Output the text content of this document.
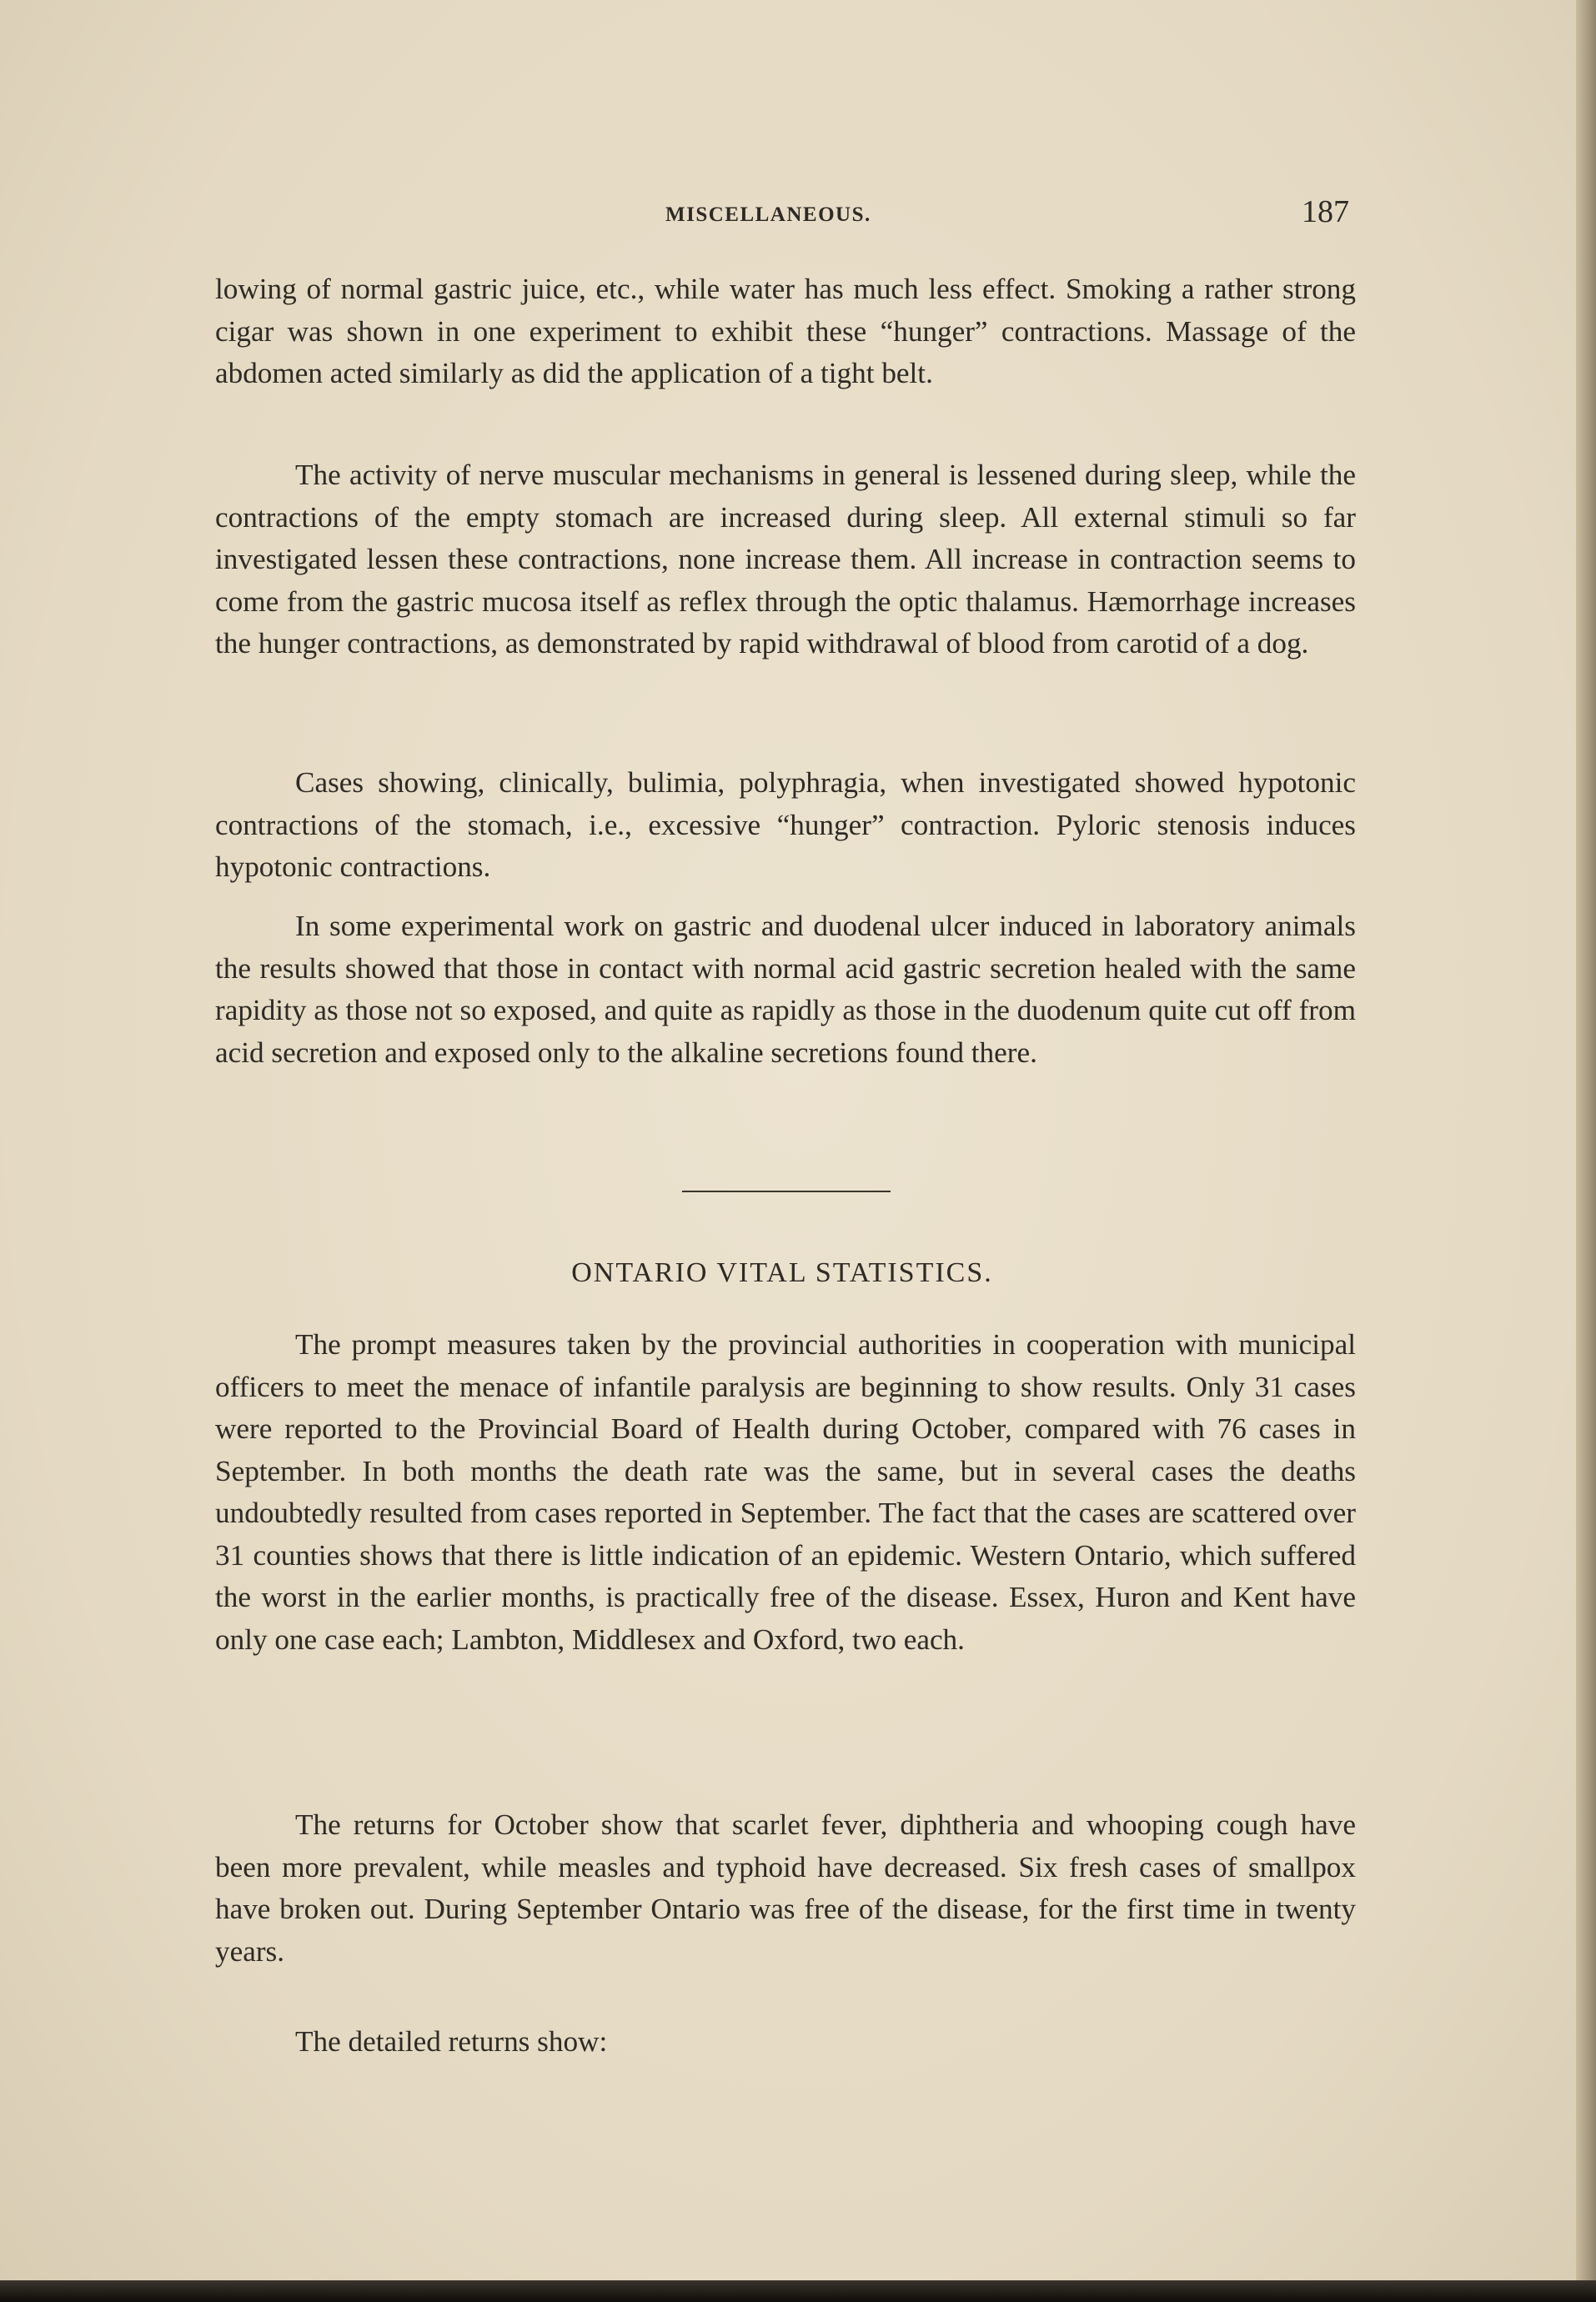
MISCELLANEOUS.	187

lowing of normal gastric juice, etc., while water has much less effect. Smoking a rather strong cigar was shown in one experiment to exhibit these “hunger” contractions. Massage of the abdomen acted similarly as did the application of a tight belt.

The activity of nerve muscular mechanisms in general is lessened during sleep, while the contractions of the empty stomach are increased during sleep. All external stimuli so far investigated lessen these contractions, none increase them. All increase in contraction seems to come from the gastric mucosa itself as reflex through the optic thalamus. Hæmorrhage increases the hunger contractions, as demonstrated by rapid withdrawal of blood from carotid of a dog.

Cases showing, clinically, bulimia, polyphragia, when investigated showed hypotonic contractions of the stomach, i.e., excessive “hunger” contraction. Pyloric stenosis induces hypotonic contractions.

In some experimental work on gastric and duodenal ulcer induced in laboratory animals the results showed that those in contact with normal acid gastric secretion healed with the same rapidity as those not so exposed, and quite as rapidly as those in the duodenum quite cut off from acid secretion and exposed only to the alkaline secretions found there.

ONTARIO VITAL STATISTICS.

The prompt measures taken by the provincial authorities in cooperation with municipal officers to meet the menace of infantile paralysis are beginning to show results. Only 31 cases were reported to the Provincial Board of Health during October, compared with 76 cases in September. In both months the death rate was the same, but in several cases the deaths undoubtedly resulted from cases reported in September. The fact that the cases are scattered over 31 counties shows that there is little indication of an epidemic. Western Ontario, which suffered the worst in the earlier months, is practically free of the disease. Essex, Huron and Kent have only one case each; Lambton, Middlesex and Oxford, two each.

The returns for October show that scarlet fever, diphtheria and whooping cough have been more prevalent, while measles and typhoid have decreased. Six fresh cases of smallpox have broken out. During September Ontario was free of the disease, for the first time in twenty years.

The detailed returns show:
